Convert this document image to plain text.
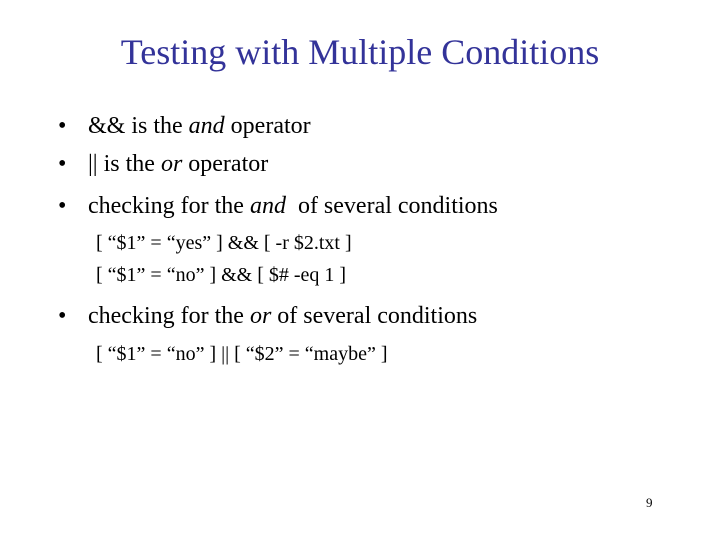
Testing with Multiple Conditions
• && is the and operator
• || is the or operator
• checking for the and  of several conditions
[ “$1” = “yes” ] && [ -r $2.txt ]
[ “$1” = “no” ] && [ $# -eq 1 ]
• checking for the or of several conditions
[ “$1” = “no” ] || [ “$2” = “maybe” ]
9
